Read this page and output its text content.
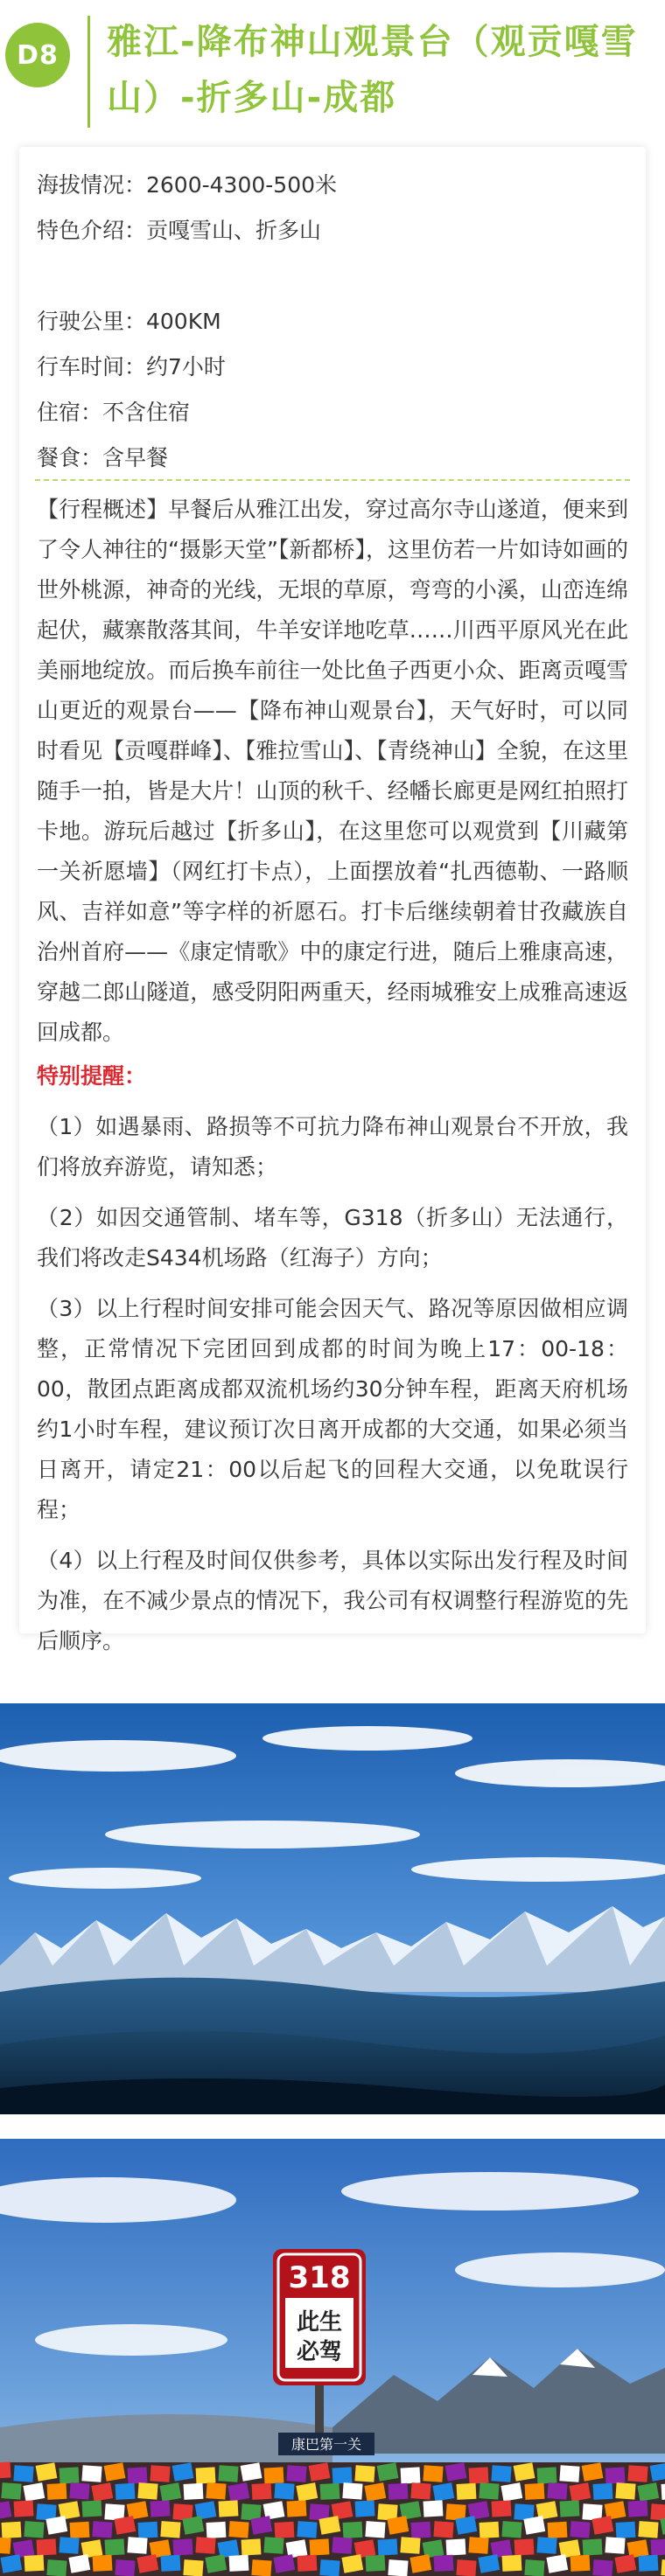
D8	雅江-降布神山观景台（观贡嘎雪山）-折多山-成都
海拔情况：2600-4300-500米
特色介绍：贡嘎雪山、折多山
行驶公里：400KM
行车时间：约7小时
住宿：不含住宿
餐食：含早餐

【行程概述】早餐后从雅江出发，穿过高尔寺山遂道，便来到了令人神往的“摄影天堂”【新都桥】，这里仿若一片如诗如画的世外桃源，神奇的光线，无垠的草原，弯弯的小溪，山峦连绵起伏，藏寨散落其间，牛羊安详地吃草……川西平原风光在此美丽地绽放。而后换车前往一处比鱼子西更小众、距离贡嘎雪山更近的观景台——【降布神山观景台】，天气好时，可以同时看见【贡嘎群峰】、【雅拉雪山】、【青绕神山】全貌，在这里随手一拍，皆是大片！山顶的秋千、经幡长廊更是网红拍照打卡地。游玩后越过【折多山】，在这里您可以观赏到【川藏第一关祈愿墙】（网红打卡点），上面摆放着“扎西德勒、一路顺风、吉祥如意”等字样的祈愿石。打卡后继续朝着甘孜藏族自治州首府——《康定情歌》中的康定行进，随后上雅康高速，穿越二郎山隧道，感受阴阳两重天，经雨城雅安上成雅高速返回成都。

特别提醒：

（1）如遇暴雨、路损等不可抗力降布神山观景台不开放，我们将放弃游览，请知悉；

（2）如因交通管制、堵车等，G318（折多山）无法通行，我们将改走S434机场路（红海子）方向；

（3）以上行程时间安排可能会因天气、路况等原因做相应调整，正常情况下完团回到成都的时间为晚上17：00-18：00，散团点距离成都双流机场约30分钟车程，距离天府机场约1小时车程，建议预订次日离开成都的大交通，如果必须当日离开，请定21：00以后起飞的回程大交通，以免耽误行程；

（4）以上行程及时间仅供参考，具体以实际出发行程及时间为准，在不减少景点的情况下，我公司有权调整行程游览的先后顺序。

318
此生
必驾
康巴第一关
